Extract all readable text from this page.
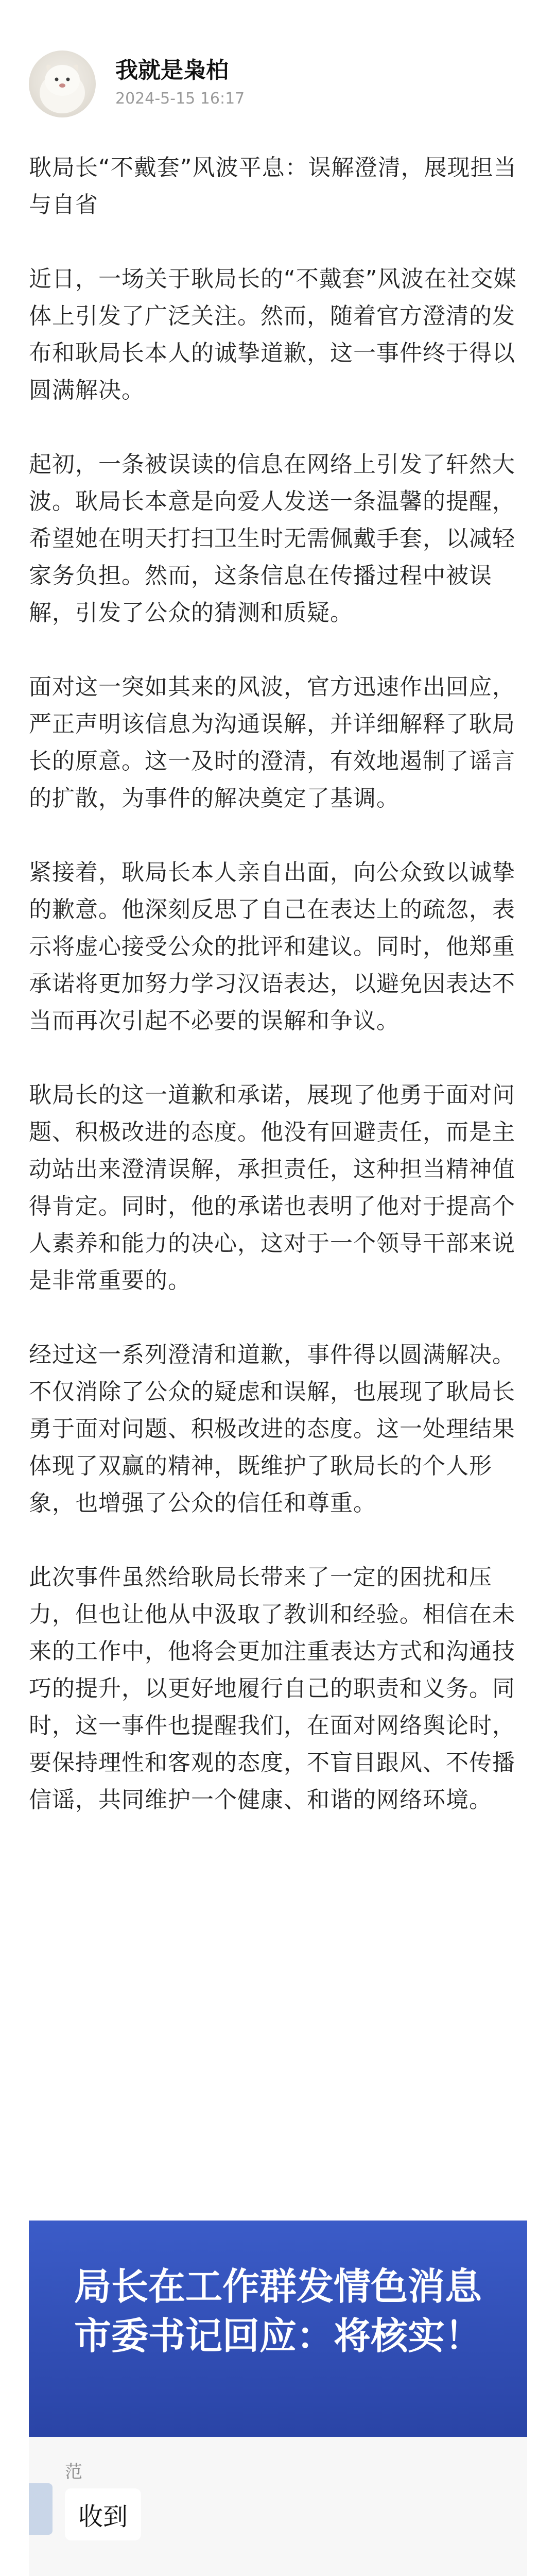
我就是枭柏
2024-5-15 16:17

耿局长“不戴套”风波平息：误解澄清，展现担当与自省

近日，一场关于耿局长的“不戴套”风波在社交媒体上引发了广泛关注。然而，随着官方澄清的发布和耿局长本人的诚挚道歉，这一事件终于得以圆满解决。

起初，一条被误读的信息在网络上引发了轩然大波。耿局长本意是向爱人发送一条温馨的提醒，希望她在明天打扫卫生时无需佩戴手套，以减轻家务负担。然而，这条信息在传播过程中被误解，引发了公众的猜测和质疑。

面对这一突如其来的风波，官方迅速作出回应，严正声明该信息为沟通误解，并详细解释了耿局长的原意。这一及时的澄清，有效地遏制了谣言的扩散，为事件的解决奠定了基调。

紧接着，耿局长本人亲自出面，向公众致以诚挚的歉意。他深刻反思了自己在表达上的疏忽，表示将虚心接受公众的批评和建议。同时，他郑重承诺将更加努力学习汉语表达，以避免因表达不当而再次引起不必要的误解和争议。

耿局长的这一道歉和承诺，展现了他勇于面对问题、积极改进的态度。他没有回避责任，而是主动站出来澄清误解，承担责任，这种担当精神值得肯定。同时，他的承诺也表明了他对于提高个人素养和能力的决心，这对于一个领导干部来说是非常重要的。

经过这一系列澄清和道歉，事件得以圆满解决。不仅消除了公众的疑虑和误解，也展现了耿局长勇于面对问题、积极改进的态度。这一处理结果体现了双赢的精神，既维护了耿局长的个人形象，也增强了公众的信任和尊重。

此次事件虽然给耿局长带来了一定的困扰和压力，但也让他从中汲取了教训和经验。相信在未来的工作中，他将会更加注重表达方式和沟通技巧的提升，以更好地履行自己的职责和义务。同时，这一事件也提醒我们，在面对网络舆论时，要保持理性和客观的态度，不盲目跟风、不传播信谣，共同维护一个健康、和谐的网络环境。

局长在工作群发情色消息
市委书记回应：将核实！
范
收到
